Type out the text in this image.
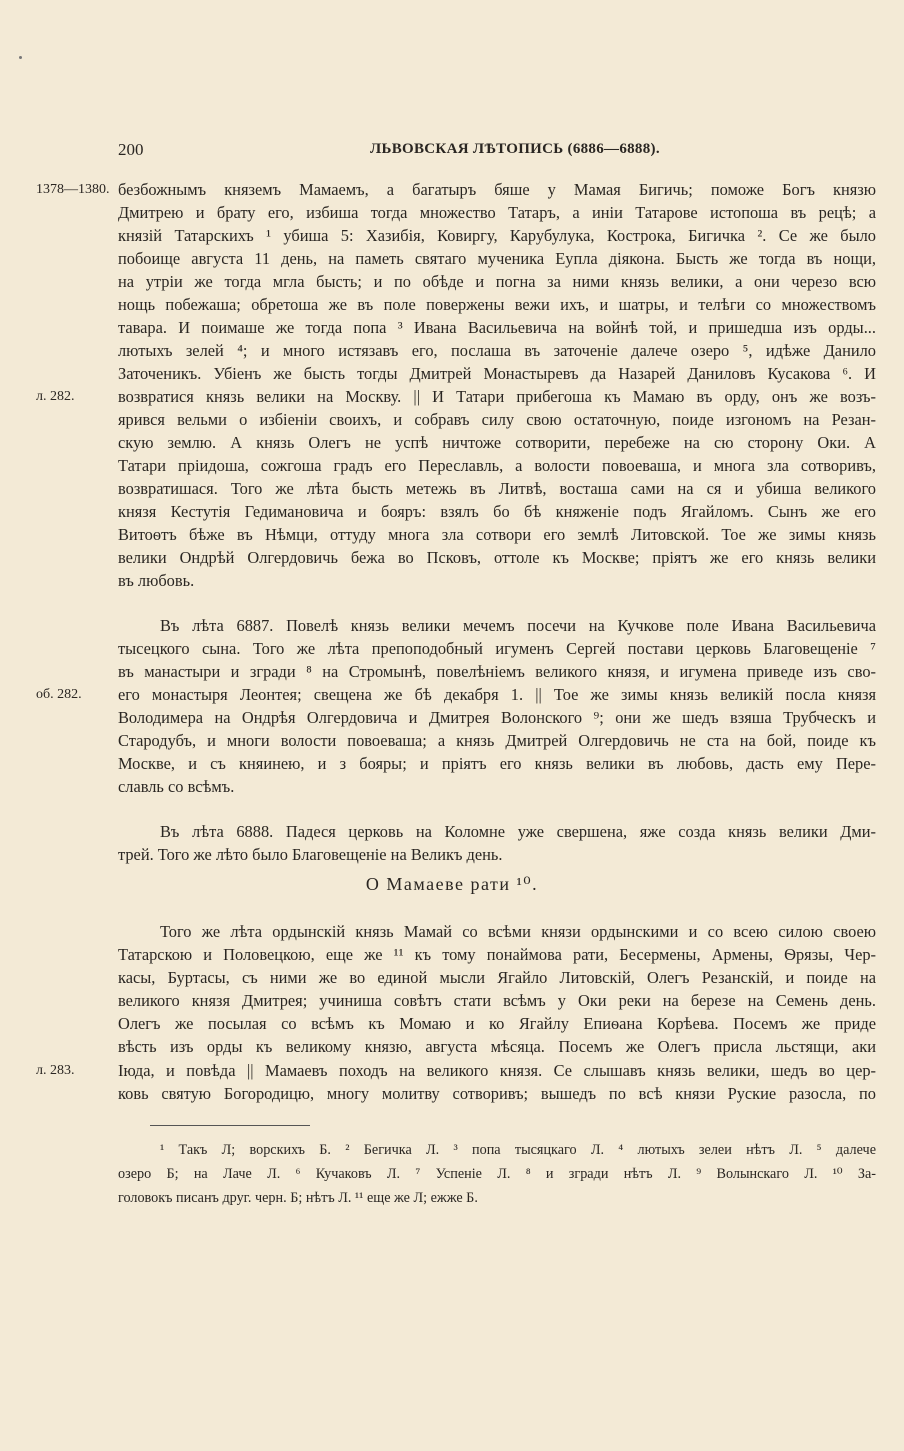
200	ЛЬВОВСКАЯ ЛѢТОПИСЬ (6886—6888).
1378—1380.
л. 282.
об. 282.
л. 283.
безбожнымъ княземъ Мамаемъ, а багатыръ бяше у Мамая Бигичь; поможе Богъ князю
Дмитрею и брату его, избиша тогда множество Татаръ, а иніи Татарове истопоша въ рецѣ; а
князій Татарскихъ ¹ убиша 5: Хазибія, Ковиргу, Карубулука, Кострока, Бигичка ². Се же было
побоище августа 11 день, на паметь святаго мученика Еупла діякона. Бысть же тогда въ нощи,
на утріи же тогда мгла бысть; и по обѣде и погна за ними князь велики, а они черезо всю
нощь побежаша; обретоша же въ поле повержены вежи ихъ, и шатры, и телѣги со множествомъ
тавара. И поимаше же тогда попа ³ Ивана Васильевича на войнѣ той, и пришедша изъ орды...
лютыхъ зелей ⁴; и много истязавъ его, послаша въ заточеніе далече озеро ⁵, идѣже Данило
Заточеникъ. Убіенъ же бысть тогды Дмитрей Монастыревъ да Назарей Даниловъ Кусакова ⁶. И
возвратися князь велики на Москву. || И Татари прибегоша къ Мамаю въ орду, онъ же возъ-
ярився вельми о избіеніи своихъ, и собравъ силу свою остаточную, поиде изгономъ на Резан-
скую землю. А князь Олегъ не успѣ ничтоже сотворити, перебеже на сю сторону Оки. А
Татари пріидоша, сожгоша градъ его Переславль, а волости повоеваша, и многа зла сотворивъ,
возвратишася. Того же лѣта бысть метежь въ Литвѣ, восташа сами на ся и убиша великого
князя Кестутія Гедимановича и бояръ: взялъ бо бѣ княженіе подъ Ягайломъ. Сынъ же его
Витоѳтъ бѣже въ Нѣмци, оттуду многа зла сотвори его землѣ Литовской. Тое же зимы князь
велики Ондрѣй Олгердовичь бежа во Псковъ, оттоле къ Москве; пріятъ же его князь велики
въ любовь.
Въ лѣта 6887. Повелѣ князь велики мечемъ посечи на Кучкове поле Ивана Васильевича
тысецкого сына. Того же лѣта препоподобный игуменъ Сергей постави церковь Благовещеніе ⁷
въ манастыри и згради ⁸ на Стромынѣ, повелѣніемъ великого князя, и игумена приведе изъ сво-
его монастыря Леонтея; свещена же бѣ декабря 1. || Тое же зимы князь великій посла князя
Володимера на Ондрѣя Олгердовича и Дмитрея Волонского ⁹; они же шедъ взяша Трубческъ и
Стародубъ, и многи волости повоеваша; а князь Дмитрей Олгердовичь не ста на бой, поиде къ
Москве, и съ княинею, и з бояры; и пріятъ его князь велики въ любовь, дасть ему Пере-
славль со всѣмъ.
Въ лѣта 6888. Падеся церковь на Коломне уже свершена, яже созда князь велики Дми-
трей. Того же лѣто было Благовещеніе на Великъ день.
О Мамаеве рати ¹⁰.
Того же лѣта ордынскій князь Мамай со всѣми князи ордынскими и со всею силою своею
Татарскою и Половецкою, еще же ¹¹ къ тому понаймова рати, Бесермены, Армены, Ѳрязы, Чер-
касы, Буртасы, съ ними же во единой мысли Ягайло Литовскій, Олегъ Резанскій, и поиде на
великого князя Дмитрея; учиниша совѣтъ стати всѣмъ у Оки реки на березе на Семень день.
Олегъ же посылая со всѣмъ къ Момаю и ко Ягайлу Епиѳана Корѣева. Посемъ же приде
вѣсть изъ орды къ великому князю, августа мѣсяца. Посемъ же Олегъ присла льстящи, аки
Іюда, и повѣда || Мамаевъ походъ на великого князя. Се слышавъ князь велики, шедъ во цер-
ковь святую Богородицю, многу молитву сотворивъ; вышедъ по всѣ князи Руские разосла, по
¹ Такъ Л; ворскихъ Б. ² Бегичка Л. ³ попа тысяцкаго Л. ⁴ лютыхъ зелеи нѣтъ Л. ⁵ далече
озеро Б; на Лаче Л. ⁶ Кучаковъ Л. ⁷ Успеніе Л. ⁸ и згради нѣтъ Л. ⁹ Волынскаго Л. ¹⁰ За-
головокъ писанъ друг. черн. Б; нѣтъ Л. ¹¹ еще же Л; ежже Б.
